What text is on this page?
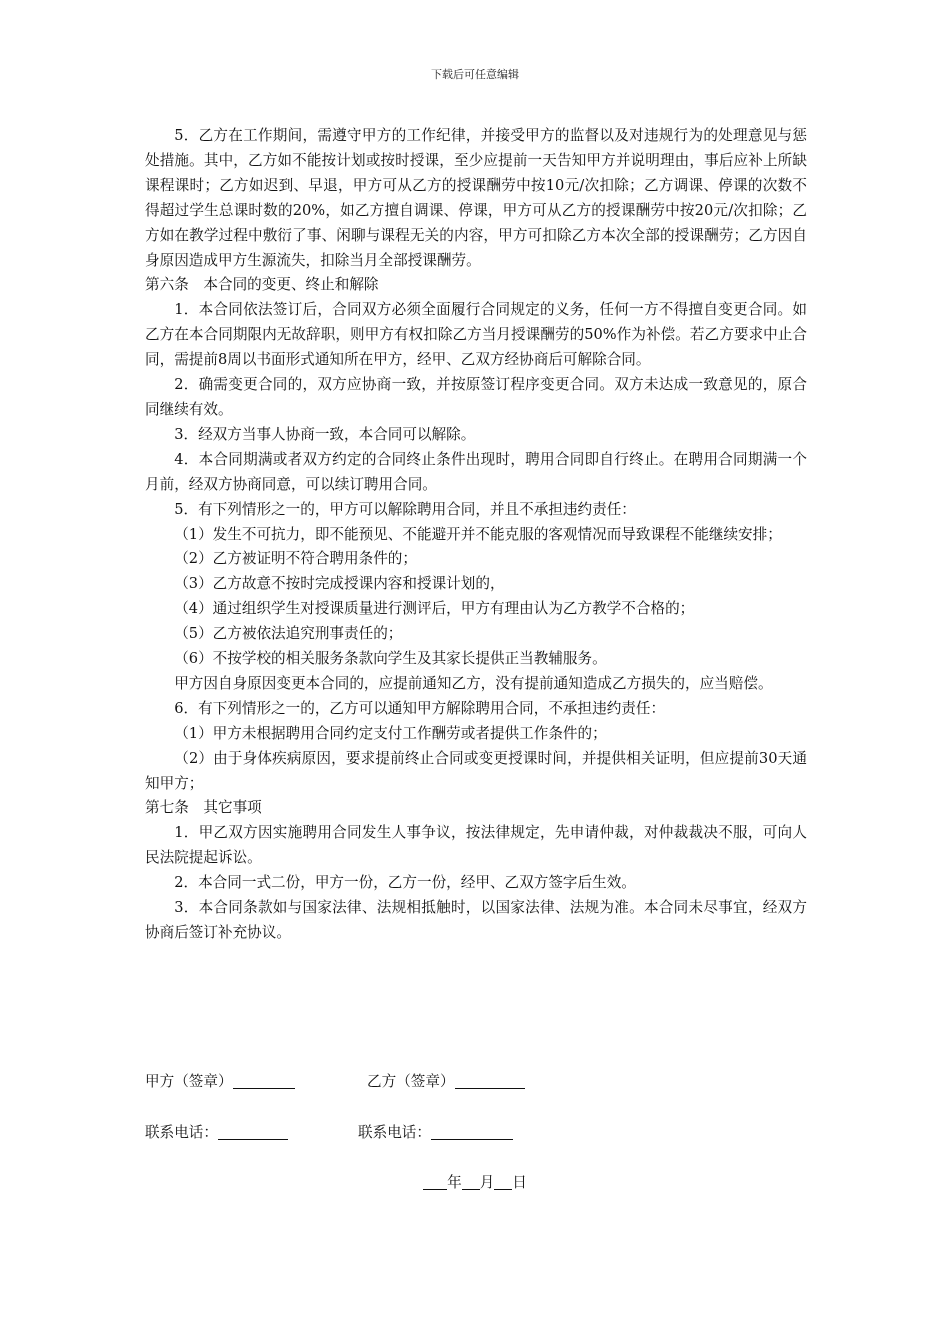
下载后可任意编辑

5．乙方在工作期间，需遵守甲方的工作纪律，并接受甲方的监督以及对违规行为的处理意见与惩处措施。其中，乙方如不能按计划或按时授课，至少应提前一天告知甲方并说明理由，事后应补上所缺课程课时；乙方如迟到、早退，甲方可从乙方的授课酬劳中按10元/次扣除；乙方调课、停课的次数不得超过学生总课时数的20%，如乙方擅自调课、停课，甲方可从乙方的授课酬劳中按20元/次扣除；乙方如在教学过程中敷衍了事、闲聊与课程无关的内容，甲方可扣除乙方本次全部的授课酬劳；乙方因自身原因造成甲方生源流失，扣除当月全部授课酬劳。

第六条　本合同的变更、终止和解除

1．本合同依法签订后，合同双方必须全面履行合同规定的义务，任何一方不得擅自变更合同。如乙方在本合同期限内无故辞职，则甲方有权扣除乙方当月授课酬劳的50%作为补偿。若乙方要求中止合同，需提前8周以书面形式通知所在甲方，经甲、乙双方经协商后可解除合同。

2．确需变更合同的，双方应协商一致，并按原签订程序变更合同。双方未达成一致意见的，原合同继续有效。

3．经双方当事人协商一致，本合同可以解除。

4．本合同期满或者双方约定的合同终止条件出现时，聘用合同即自行终止。在聘用合同期满一个月前，经双方协商同意，可以续订聘用合同。

5．有下列情形之一的，甲方可以解除聘用合同，并且不承担违约责任：

（1）发生不可抗力，即不能预见、不能避开并不能克服的客观情况而导致课程不能继续安排；

（2）乙方被证明不符合聘用条件的；

（3）乙方故意不按时完成授课内容和授课计划的，

（4）通过组织学生对授课质量进行测评后，甲方有理由认为乙方教学不合格的；

（5）乙方被依法追究刑事责任的；

（6）不按学校的相关服务条款向学生及其家长提供正当教辅服务。

甲方因自身原因变更本合同的，应提前通知乙方，没有提前通知造成乙方损失的，应当赔偿。

6．有下列情形之一的，乙方可以通知甲方解除聘用合同，不承担违约责任：

（1）甲方未根据聘用合同约定支付工作酬劳或者提供工作条件的；

（2）由于身体疾病原因，要求提前终止合同或变更授课时间，并提供相关证明，但应提前30天通知甲方；

第七条　其它事项

1．甲乙双方因实施聘用合同发生人事争议，按法律规定，先申请仲裁，对仲裁裁决不服，可向人民法院提起诉讼。

2．本合同一式二份，甲方一份，乙方一份，经甲、乙双方签字后生效。

3．本合同条款如与国家法律、法规相抵触时，以国家法律、法规为准。本合同未尽事宜，经双方协商后签订补充协议。

甲方（签章）	乙方（签章）
联系电话：	联系电话：
年 月 日
